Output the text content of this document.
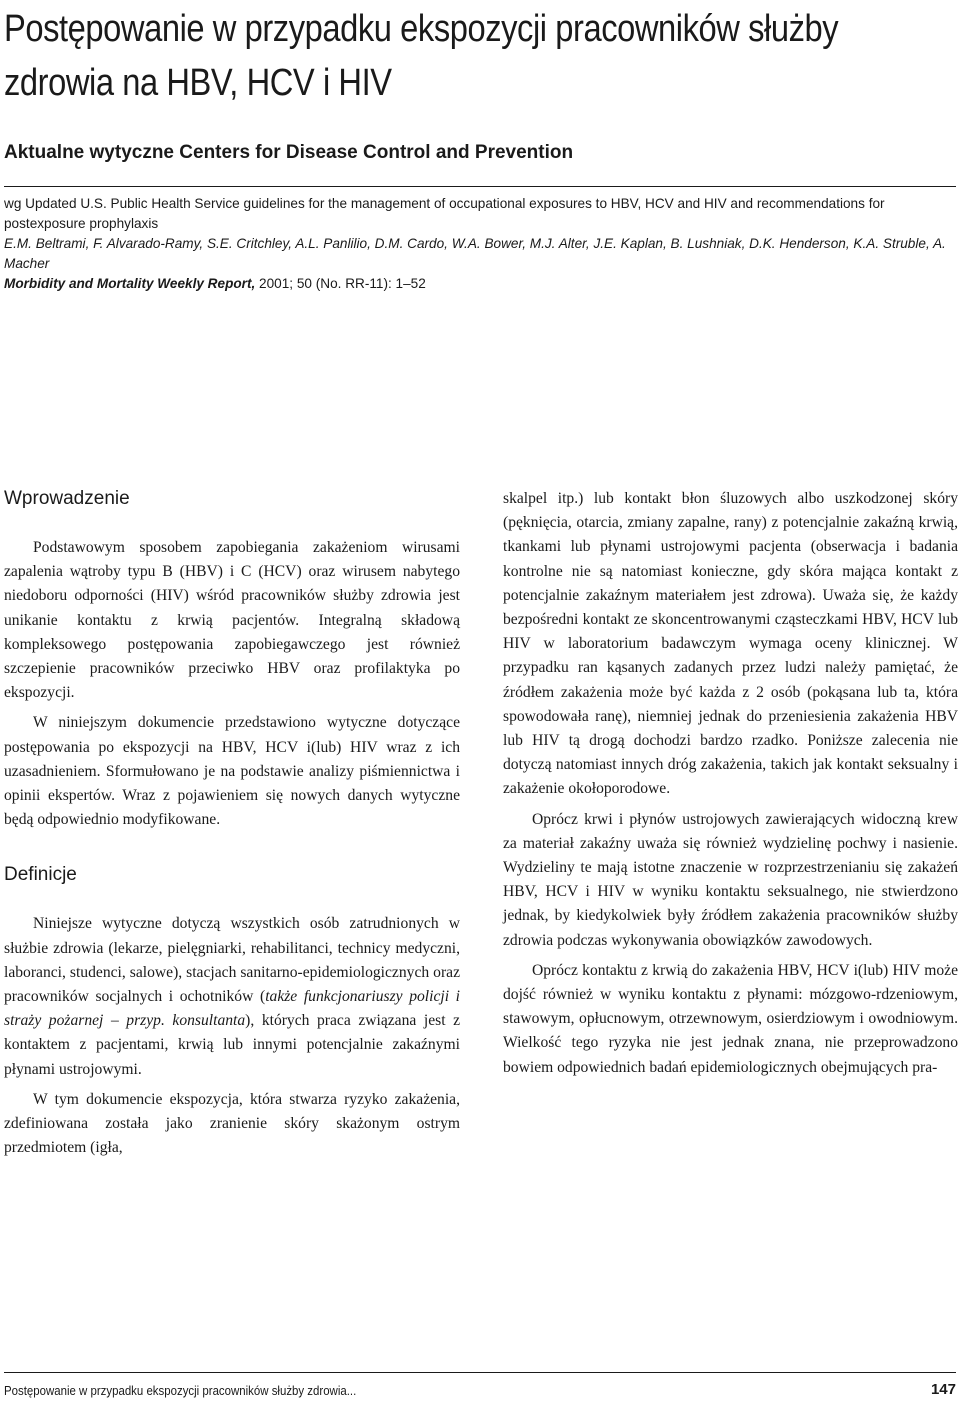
Postępowanie w przypadku ekspozycji pracowników służby zdrowia na HBV, HCV i HIV
Aktualne wytyczne Centers for Disease Control and Prevention

wg Updated U.S. Public Health Service guidelines for the management of occupational exposures to HBV, HCV and HIV and recommendations for postexposure prophylaxis

E.M. Beltrami, F. Alvarado-Ramy, S.E. Critchley, A.L. Panlilio, D.M. Cardo, W.A. Bower, M.J. Alter, J.E. Kaplan, B. Lushniak, D.K. Henderson, K.A. Struble, A. Macher

Morbidity and Mortality Weekly Report, 2001; 50 (No. RR-11): 1–52

Wprowadzenie

Podstawowym sposobem zapobiegania zakażeniom wirusami zapalenia wątroby typu B (HBV) i C (HCV) oraz wirusem nabytego niedoboru odporności (HIV) wśród pracowników służby zdrowia jest unikanie kontaktu z krwią pacjentów. Integralną składową kompleksowego postępowania zapobiegawczego jest również szczepienie pracowników przeciwko HBV oraz profilaktyka po ekspozycji.

W niniejszym dokumencie przedstawiono wytyczne dotyczące postępowania po ekspozycji na HBV, HCV i(lub) HIV wraz z ich uzasadnieniem. Sformułowano je na podstawie analizy piśmiennictwa i opinii ekspertów. Wraz z pojawieniem się nowych danych wytyczne będą odpowiednio modyfikowane.

Definicje

Niniejsze wytyczne dotyczą wszystkich osób zatrudnionych w służbie zdrowia (lekarze, pielęgniarki, rehabilitanci, technicy medyczni, laboranci, studenci, salowe), stacjach sanitarno-epidemiologicznych oraz pracowników socjalnych i ochotników (także funkcjonariuszy policji i straży pożarnej – przyp. konsultanta), których praca związana jest z kontaktem z pacjentami, krwią lub innymi potencjalnie zakaźnymi płynami ustrojowymi.

W tym dokumencie ekspozycja, która stwarza ryzyko zakażenia, zdefiniowana została jako zranienie skóry skażonym ostrym przedmiotem (igła,

skalpel itp.) lub kontakt błon śluzowych albo uszkodzonej skóry (pęknięcia, otarcia, zmiany zapalne, rany) z potencjalnie zakaźną krwią, tkankami lub płynami ustrojowymi pacjenta (obserwacja i badania kontrolne nie są natomiast konieczne, gdy skóra mająca kontakt z potencjalnie zakaźnym materiałem jest zdrowa). Uważa się, że każdy bezpośredni kontakt ze skoncentrowanymi cząsteczkami HBV, HCV lub HIV w laboratorium badawczym wymaga oceny klinicznej. W przypadku ran kąsanych zadanych przez ludzi należy pamiętać, że źródłem zakażenia może być każda z 2 osób (pokąsana lub ta, która spowodowała ranę), niemniej jednak do przeniesienia zakażenia HBV lub HIV tą drogą dochodzi bardzo rzadko. Poniższe zalecenia nie dotyczą natomiast innych dróg zakażenia, takich jak kontakt seksualny i zakażenie okołoporodowe.

Oprócz krwi i płynów ustrojowych zawierających widoczną krew za materiał zakaźny uważa się również wydzielinę pochwy i nasienie. Wydzieliny te mają istotne znaczenie w rozprzestrzenianiu się zakażeń HBV, HCV i HIV w wyniku kontaktu seksualnego, nie stwierdzono jednak, by kiedykolwiek były źródłem zakażenia pracowników służby zdrowia podczas wykonywania obowiązków zawodowych.

Oprócz kontaktu z krwią do zakażenia HBV, HCV i(lub) HIV może dojść również w wyniku kontaktu z płynami: mózgowo-rdzeniowym, stawowym, opłucnowym, otrzewnowym, osierdziowym i owodniowym. Wielkość tego ryzyka nie jest jednak znana, nie przeprowadzono bowiem odpowiednich badań epidemiologicznych obejmujących pra-

Postępowanie w przypadku ekspozycji pracowników służby zdrowia...	147
